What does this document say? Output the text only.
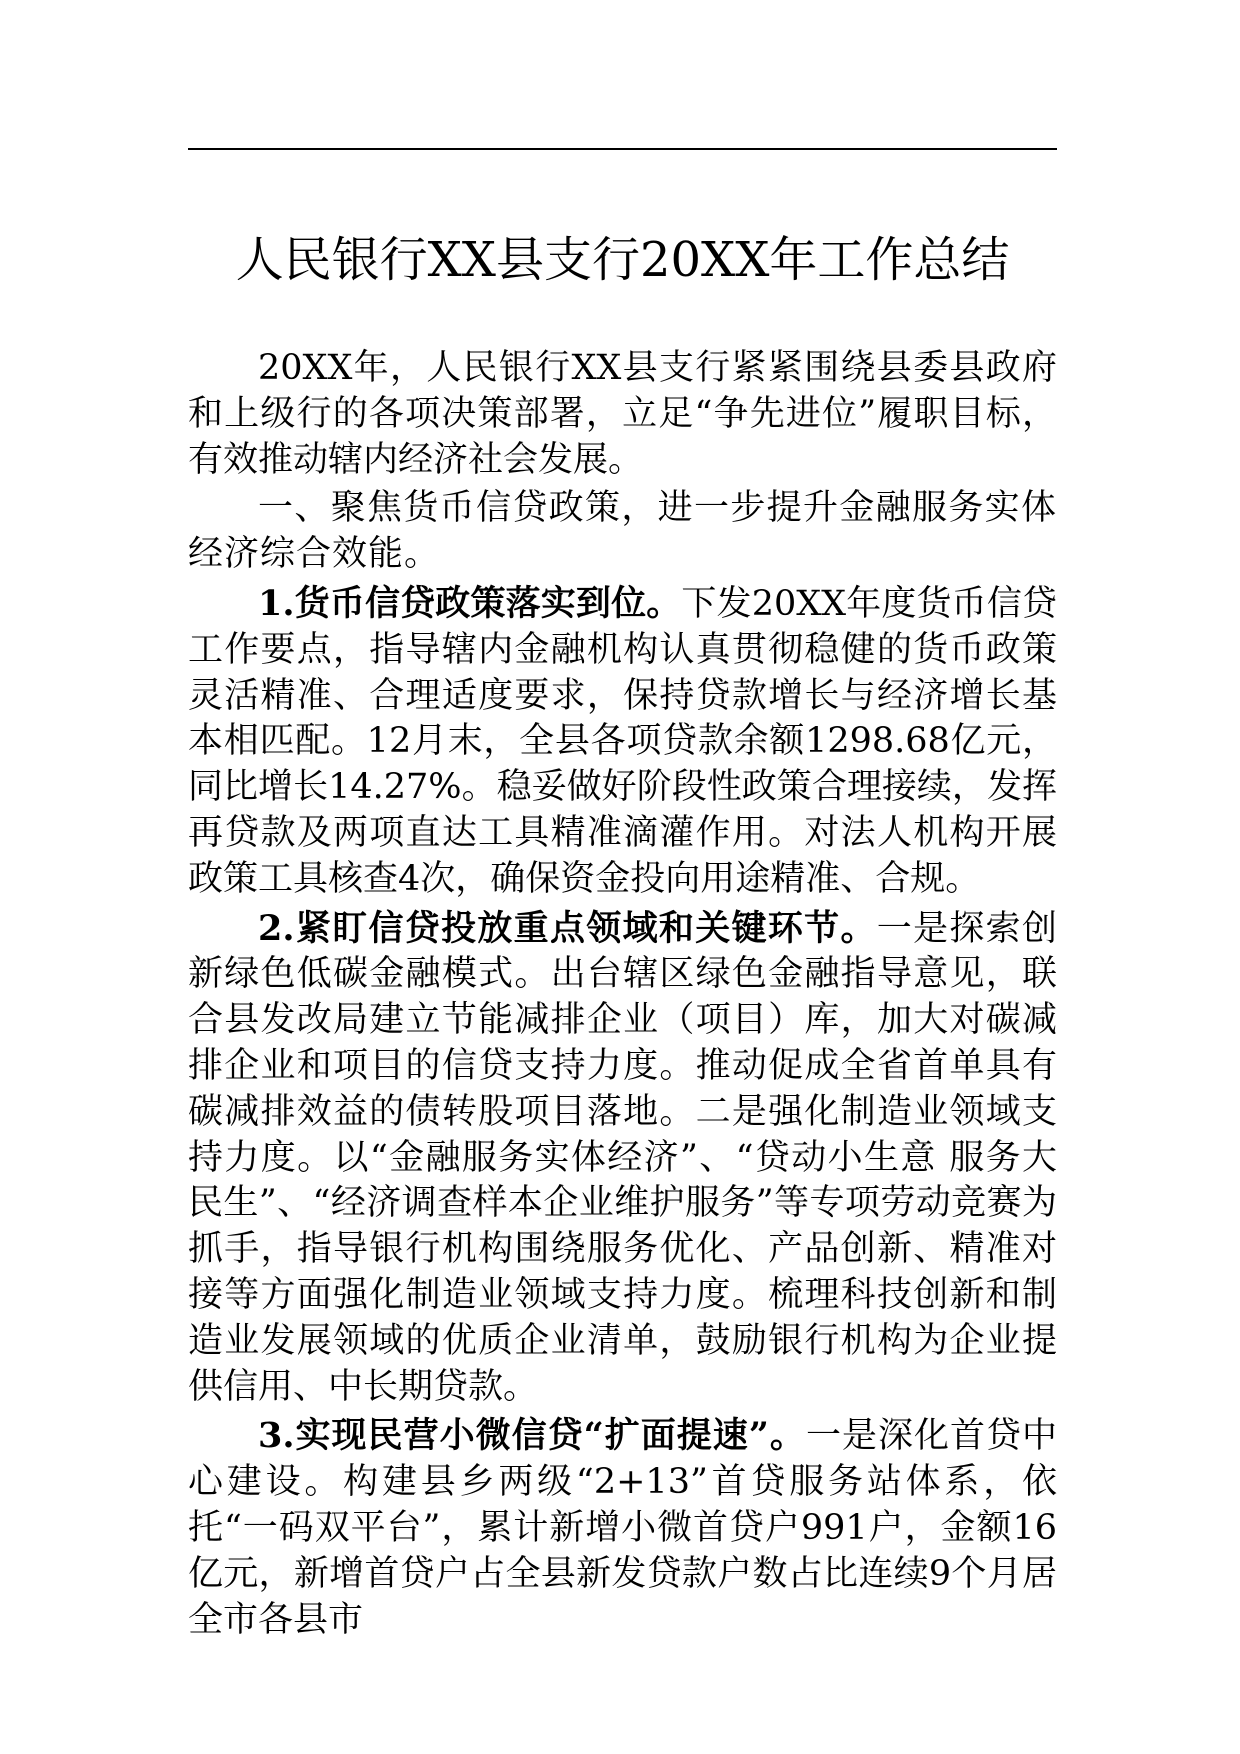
人民银行XX县支行20XX年工作总结

20XX年，人民银行XX县支行紧紧围绕县委县政府和上级行的各项决策部署，立足“争先进位”履职目标，有效推动辖内经济社会发展。

一、聚焦货币信贷政策，进一步提升金融服务实体经济综合效能。

1.货币信贷政策落实到位。下发20XX年度货币信贷工作要点，指导辖内金融机构认真贯彻稳健的货币政策灵活精准、合理适度要求，保持贷款增长与经济增长基本相匹配。12月末，全县各项贷款余额1298.68亿元，同比增长14.27%。稳妥做好阶段性政策合理接续，发挥再贷款及两项直达工具精准滴灌作用。对法人机构开展政策工具核查4次，确保资金投向用途精准、合规。

2.紧盯信贷投放重点领域和关键环节。一是探索创新绿色低碳金融模式。出台辖区绿色金融指导意见，联合县发改局建立节能减排企业（项目）库，加大对碳减排企业和项目的信贷支持力度。推动促成全省首单具有碳减排效益的债转股项目落地。二是强化制造业领域支持力度。以“金融服务实体经济”、“贷动小生意 服务大民生”、“经济调查样本企业维护服务”等专项劳动竞赛为抓手，指导银行机构围绕服务优化、产品创新、精准对接等方面强化制造业领域支持力度。梳理科技创新和制造业发展领域的优质企业清单，鼓励银行机构为企业提供信用、中长期贷款。

3.实现民营小微信贷“扩面提速”。一是深化首贷中心建设。构建县乡两级“2+13”首贷服务站体系，依托“一码双平台”，累计新增小微首贷户991户，金额16亿元，新增首贷户占全县新发贷款户数占比连续9个月居全市各县市
